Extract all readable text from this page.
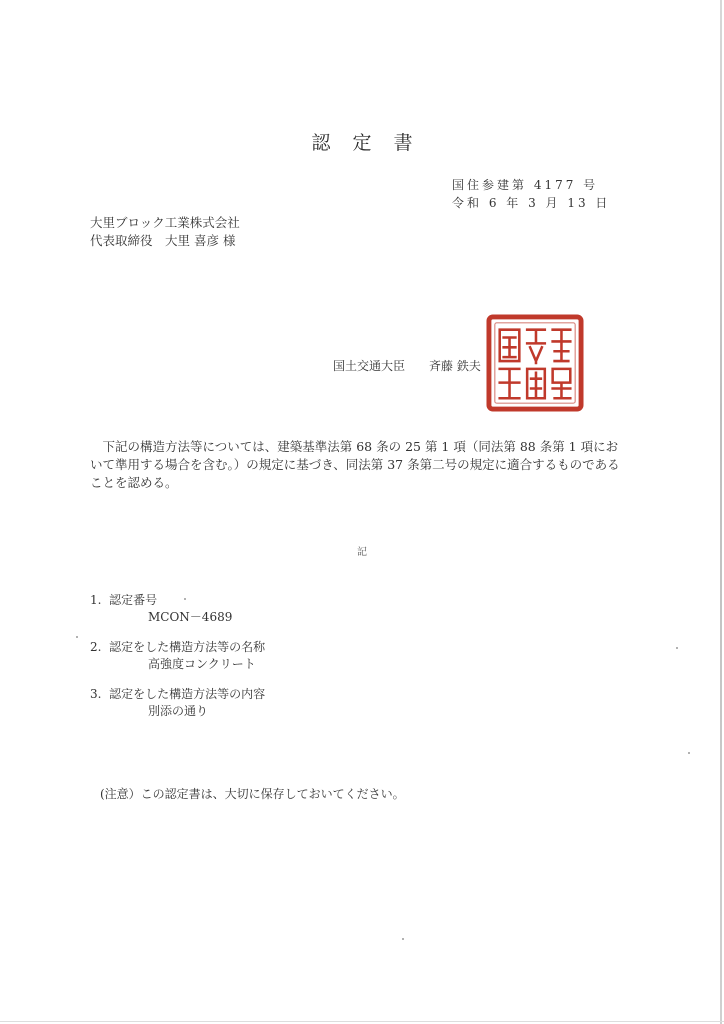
認定書
国住参建第 4177 号
令和 6 年 3 月 13 日
大里ブロック工業株式会社
代表取締役　大里 喜彦 様
国土交通大臣　　斉藤 鉄夫

下記の構造方法等については、建築基準法第 68 条の 25 第 1 項（同法第 88 条第 1 項において準用する場合を含む。）の規定に基づき、同法第 37 条第二号の規定に適合するものであることを認める。

記
1. 認定番号
MCON－4689
2. 認定をした構造方法等の名称
高強度コンクリート
3. 認定をした構造方法等の内容
別添の通り
(注意）この認定書は、大切に保存しておいてください。
